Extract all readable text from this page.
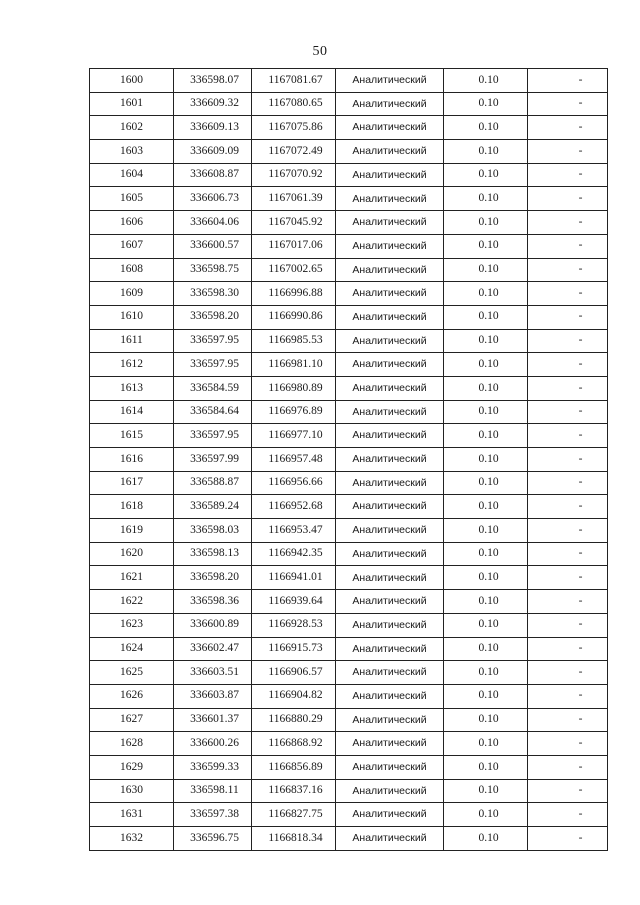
50
1600	336598.07	1167081.67	Аналитический	0.10	-
1601	336609.32	1167080.65	Аналитический	0.10	-
1602	336609.13	1167075.86	Аналитический	0.10	-
1603	336609.09	1167072.49	Аналитический	0.10	-
1604	336608.87	1167070.92	Аналитический	0.10	-
1605	336606.73	1167061.39	Аналитический	0.10	-
1606	336604.06	1167045.92	Аналитический	0.10	-
1607	336600.57	1167017.06	Аналитический	0.10	-
1608	336598.75	1167002.65	Аналитический	0.10	-
1609	336598.30	1166996.88	Аналитический	0.10	-
1610	336598.20	1166990.86	Аналитический	0.10	-
1611	336597.95	1166985.53	Аналитический	0.10	-
1612	336597.95	1166981.10	Аналитический	0.10	-
1613	336584.59	1166980.89	Аналитический	0.10	-
1614	336584.64	1166976.89	Аналитический	0.10	-
1615	336597.95	1166977.10	Аналитический	0.10	-
1616	336597.99	1166957.48	Аналитический	0.10	-
1617	336588.87	1166956.66	Аналитический	0.10	-
1618	336589.24	1166952.68	Аналитический	0.10	-
1619	336598.03	1166953.47	Аналитический	0.10	-
1620	336598.13	1166942.35	Аналитический	0.10	-
1621	336598.20	1166941.01	Аналитический	0.10	-
1622	336598.36	1166939.64	Аналитический	0.10	-
1623	336600.89	1166928.53	Аналитический	0.10	-
1624	336602.47	1166915.73	Аналитический	0.10	-
1625	336603.51	1166906.57	Аналитический	0.10	-
1626	336603.87	1166904.82	Аналитический	0.10	-
1627	336601.37	1166880.29	Аналитический	0.10	-
1628	336600.26	1166868.92	Аналитический	0.10	-
1629	336599.33	1166856.89	Аналитический	0.10	-
1630	336598.11	1166837.16	Аналитический	0.10	-
1631	336597.38	1166827.75	Аналитический	0.10	-
1632	336596.75	1166818.34	Аналитический	0.10	-
